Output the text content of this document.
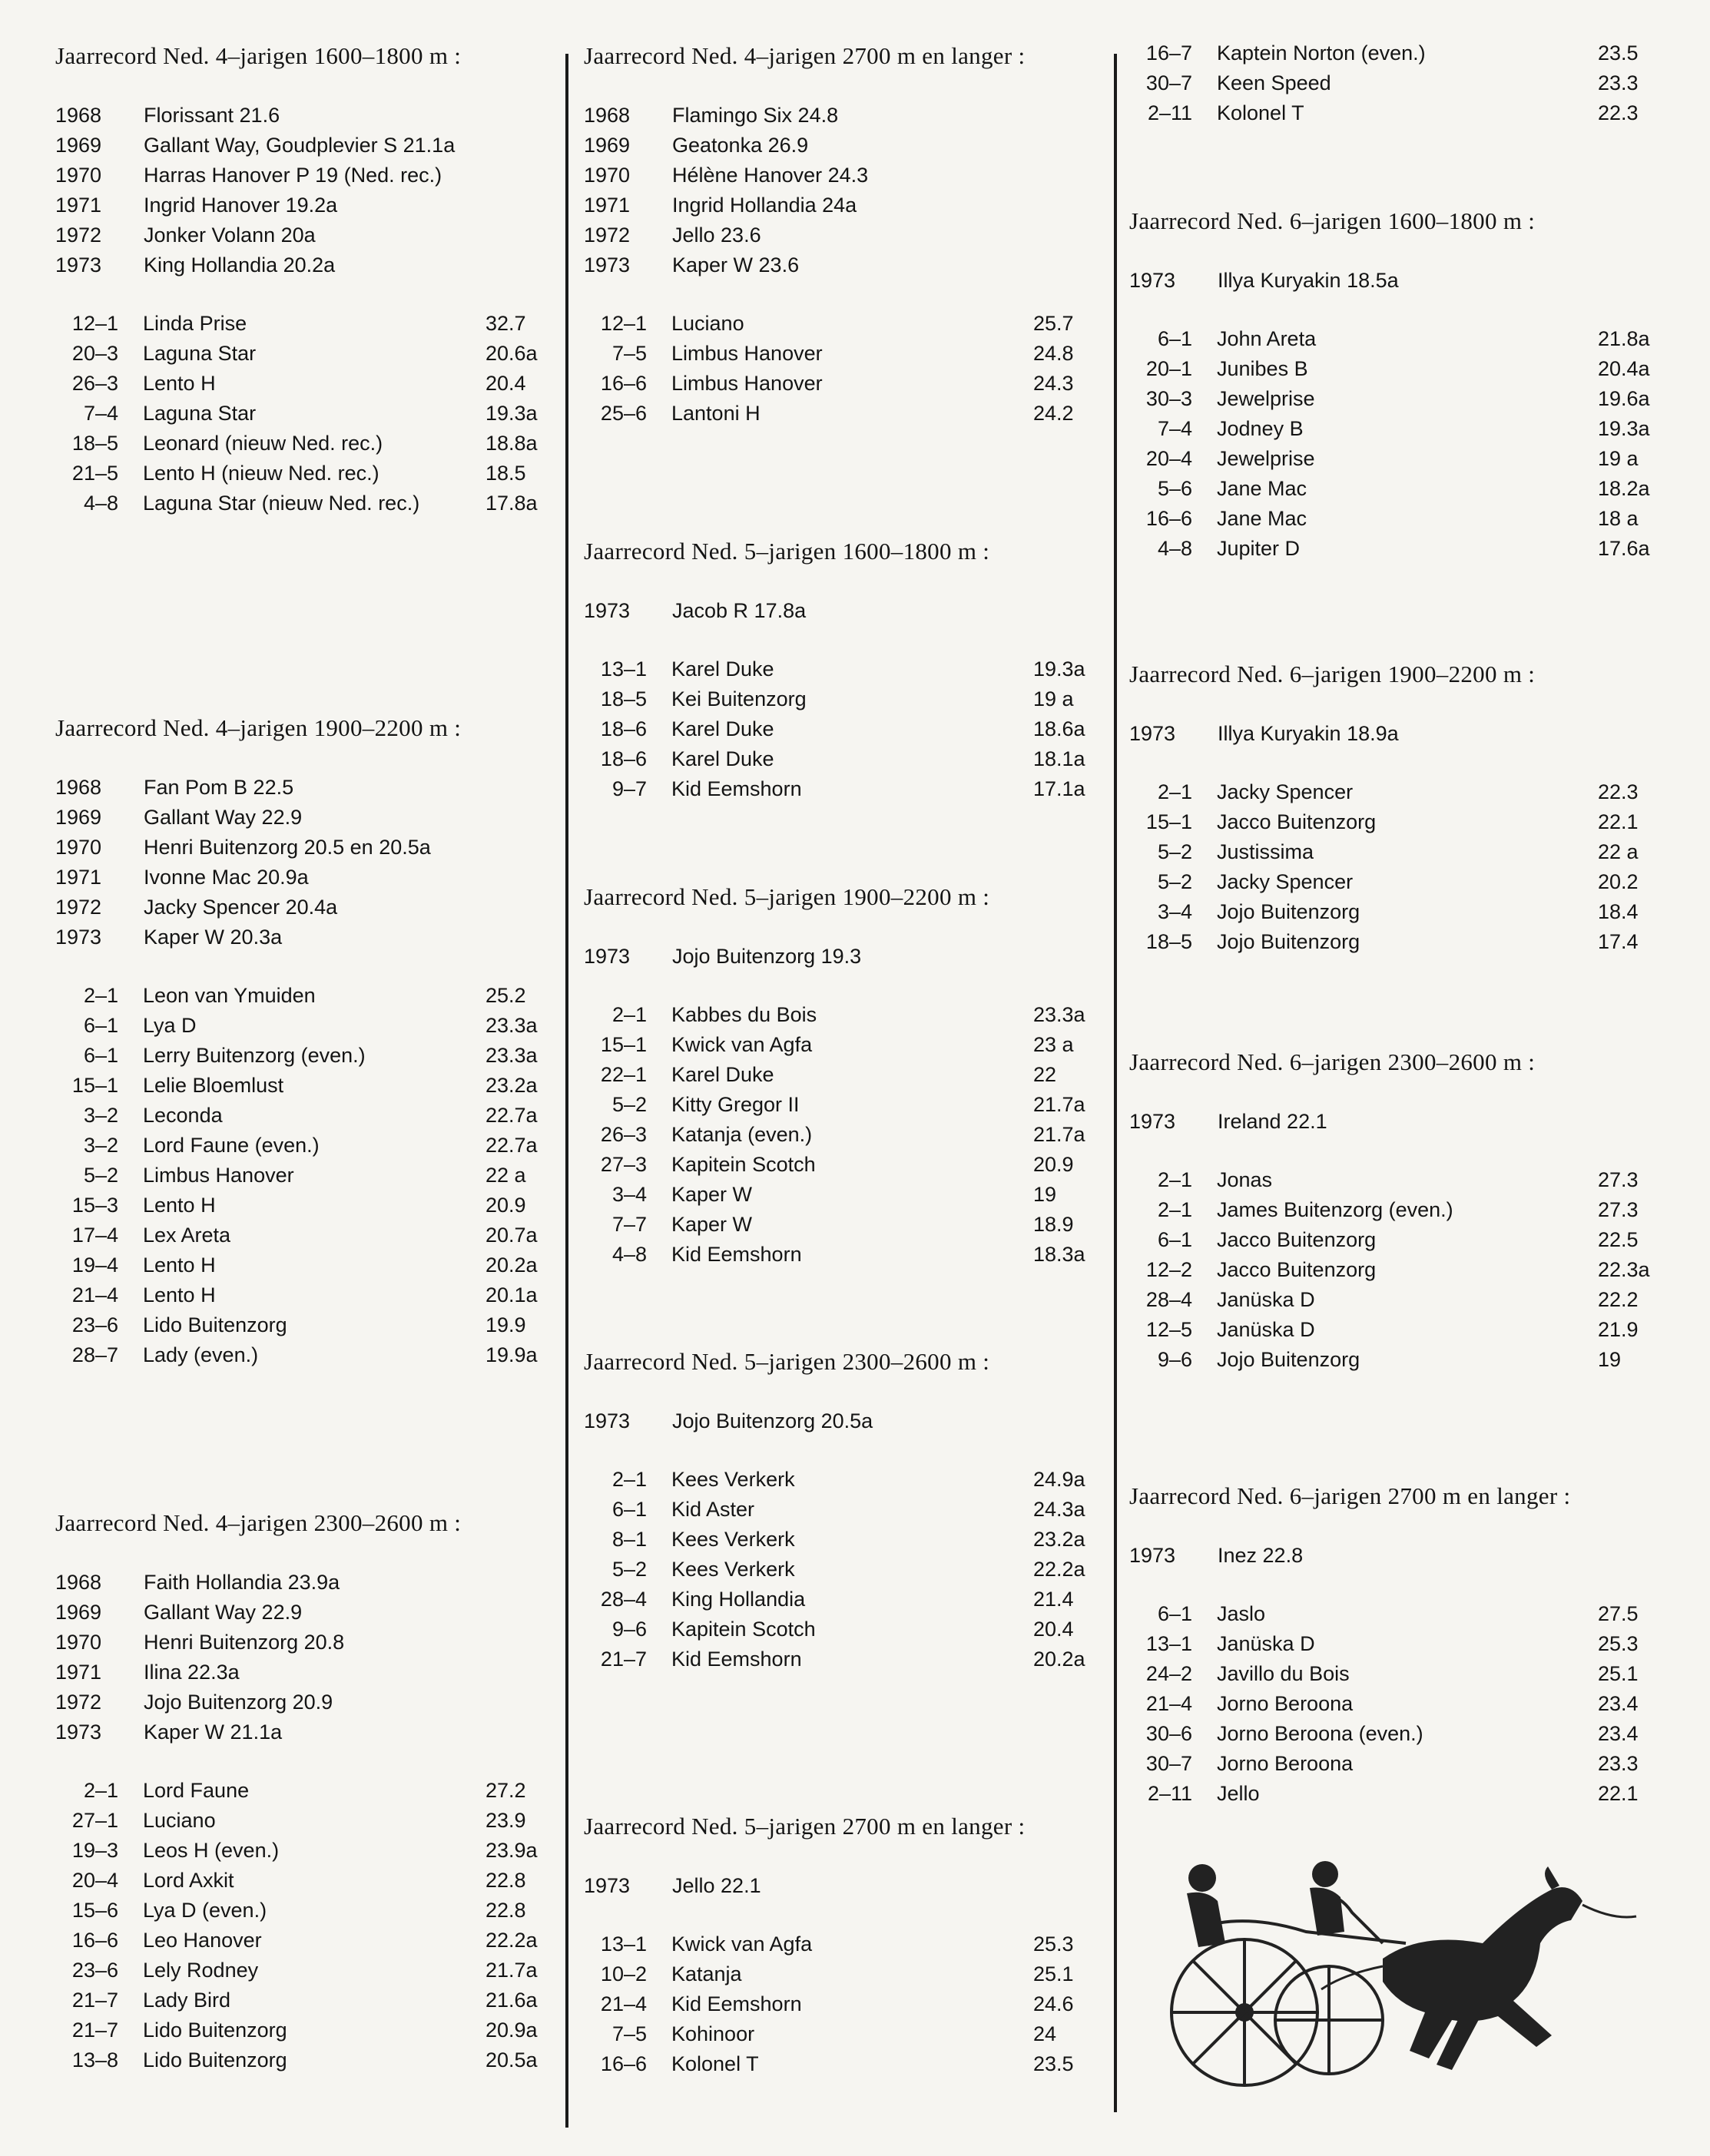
Jaarrecord Ned. 4–jarigen 1600–1800 m :
1968	Florissant 21.6
1969	Gallant Way, Goudplevier S 21.1a
1970	Harras Hanover P 19 (Ned. rec.)
1971	Ingrid Hanover 19.2a
1972	Jonker Volann 20a
1973	King Hollandia 20.2a
12–1	Linda Prise	32.7
20–3	Laguna Star	20.6a
26–3	Lento H	20.4
7–4	Laguna Star	19.3a
18–5	Leonard (nieuw Ned. rec.)	18.8a
21–5	Lento H (nieuw Ned. rec.)	18.5
4–8	Laguna Star (nieuw Ned. rec.)	17.8a
Jaarrecord Ned. 4–jarigen 1900–2200 m :
1968	Fan Pom B 22.5
1969	Gallant Way 22.9
1970	Henri Buitenzorg 20.5 en 20.5a
1971	Ivonne Mac 20.9a
1972	Jacky Spencer 20.4a
1973	Kaper W 20.3a
2–1	Leon van Ymuiden	25.2
6–1	Lya D	23.3a
6–1	Lerry Buitenzorg (even.)	23.3a
15–1	Lelie Bloemlust	23.2a
3–2	Leconda	22.7a
3–2	Lord Faune (even.)	22.7a
5–2	Limbus Hanover	22 a
15–3	Lento H	20.9
17–4	Lex Areta	20.7a
19–4	Lento H	20.2a
21–4	Lento H	20.1a
23–6	Lido Buitenzorg	19.9
28–7	Lady (even.)	19.9a
Jaarrecord Ned. 4–jarigen 2300–2600 m :
1968	Faith Hollandia 23.9a
1969	Gallant Way 22.9
1970	Henri Buitenzorg 20.8
1971	Ilina 22.3a
1972	Jojo Buitenzorg 20.9
1973	Kaper W 21.1a
2–1	Lord Faune	27.2
27–1	Luciano	23.9
19–3	Leos H (even.)	23.9a
20–4	Lord Axkit	22.8
15–6	Lya D (even.)	22.8
16–6	Leo Hanover	22.2a
23–6	Lely Rodney	21.7a
21–7	Lady Bird	21.6a
21–7	Lido Buitenzorg	20.9a
13–8	Lido Buitenzorg	20.5a
Jaarrecord Ned. 4–jarigen 2700 m en langer :
1968	Flamingo Six 24.8
1969	Geatonka 26.9
1970	Hélène Hanover 24.3
1971	Ingrid Hollandia 24a
1972	Jello 23.6
1973	Kaper W 23.6
12–1	Luciano	25.7
7–5	Limbus Hanover	24.8
16–6	Limbus Hanover	24.3
25–6	Lantoni H	24.2
Jaarrecord Ned. 5–jarigen 1600–1800 m :
1973	Jacob R 17.8a
13–1	Karel Duke	19.3a
18–5	Kei Buitenzorg	19 a
18–6	Karel Duke	18.6a
18–6	Karel Duke	18.1a
9–7	Kid Eemshorn	17.1a
Jaarrecord Ned. 5–jarigen 1900–2200 m :
1973	Jojo Buitenzorg 19.3
2–1	Kabbes du Bois	23.3a
15–1	Kwick van Agfa	23 a
22–1	Karel Duke	22
5–2	Kitty Gregor II	21.7a
26–3	Katanja (even.)	21.7a
27–3	Kapitein Scotch	20.9
3–4	Kaper W	19
7–7	Kaper W	18.9
4–8	Kid Eemshorn	18.3a
Jaarrecord Ned. 5–jarigen 2300–2600 m :
1973	Jojo Buitenzorg 20.5a
2–1	Kees Verkerk	24.9a
6–1	Kid Aster	24.3a
8–1	Kees Verkerk	23.2a
5–2	Kees Verkerk	22.2a
28–4	King Hollandia	21.4
9–6	Kapitein Scotch	20.4
21–7	Kid Eemshorn	20.2a
Jaarrecord Ned. 5–jarigen 2700 m en langer :
1973	Jello 22.1
13–1	Kwick van Agfa	25.3
10–2	Katanja	25.1
21–4	Kid Eemshorn	24.6
7–5	Kohinoor	24
16–6	Kolonel T	23.5
16–7	Kaptein Norton (even.)	23.5
30–7	Keen Speed	23.3
2–11	Kolonel T	22.3
Jaarrecord Ned. 6–jarigen 1600–1800 m :
1973	Illya Kuryakin 18.5a
6–1	John Areta	21.8a
20–1	Junibes B	20.4a
30–3	Jewelprise	19.6a
7–4	Jodney B	19.3a
20–4	Jewelprise	19 a
5–6	Jane Mac	18.2a
16–6	Jane Mac	18 a
4–8	Jupiter D	17.6a
Jaarrecord Ned. 6–jarigen 1900–2200 m :
1973	Illya Kuryakin 18.9a
2–1	Jacky Spencer	22.3
15–1	Jacco Buitenzorg	22.1
5–2	Justissima	22 a
5–2	Jacky Spencer	20.2
3–4	Jojo Buitenzorg	18.4
18–5	Jojo Buitenzorg	17.4
Jaarrecord Ned. 6–jarigen 2300–2600 m :
1973	Ireland 22.1
2–1	Jonas	27.3
2–1	James Buitenzorg (even.)	27.3
6–1	Jacco Buitenzorg	22.5
12–2	Jacco Buitenzorg	22.3a
28–4	Janüska D	22.2
12–5	Janüska D	21.9
9–6	Jojo Buitenzorg	19
Jaarrecord Ned. 6–jarigen 2700 m en langer :
1973	Inez 22.8
6–1	Jaslo	27.5
13–1	Janüska D	25.3
24–2	Javillo du Bois	25.1
21–4	Jorno Beroona	23.4
30–6	Jorno Beroona (even.)	23.4
30–7	Jorno Beroona	23.3
2–11	Jello	22.1
